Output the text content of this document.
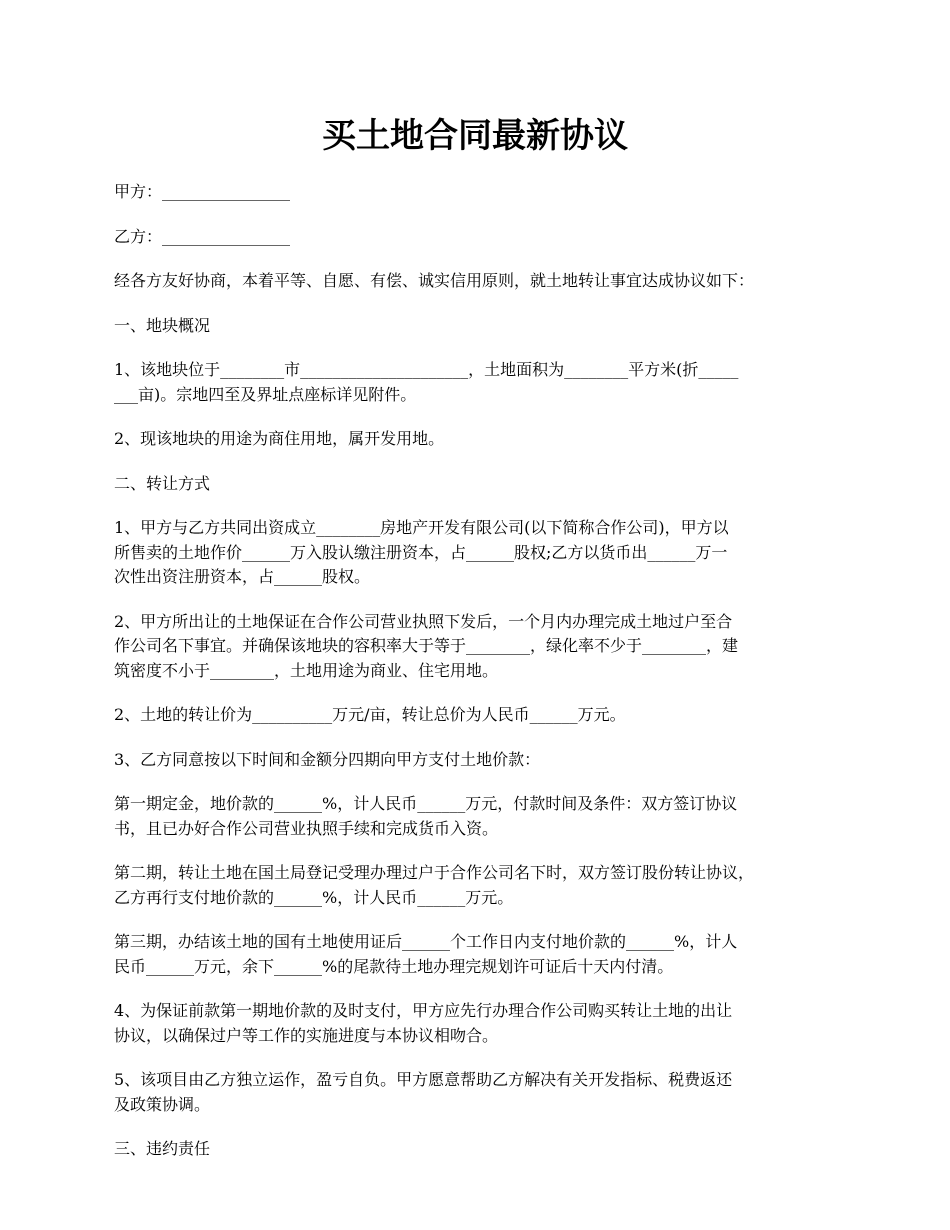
买土地合同最新协议

甲方：________________

乙方：________________

经各方友好协商，本着平等、自愿、有偿、诚实信用原则，就土地转让事宜达成协议如下：

一、地块概况

1、该地块位于________市_____________________，土地面积为________平方米(折_____
___亩)。宗地四至及界址点座标详见附件。

2、现该地块的用途为商住用地，属开发用地。

二、转让方式

1、甲方与乙方共同出资成立________房地产开发有限公司(以下简称合作公司)，甲方以
所售卖的土地作价______万入股认缴注册资本，占______股权;乙方以货币出______万一
次性出资注册资本，占______股权。

2、甲方所出让的土地保证在合作公司营业执照下发后，一个月内办理完成土地过户至合
作公司名下事宜。并确保该地块的容积率大于等于________，绿化率不少于________，建
筑密度不小于________，土地用途为商业、住宅用地。

2、土地的转让价为__________万元/亩，转让总价为人民币______万元。

3、乙方同意按以下时间和金额分四期向甲方支付土地价款：

第一期定金，地价款的______%，计人民币______万元，付款时间及条件：双方签订协议
书，且已办好合作公司营业执照手续和完成货币入资。

第二期，转让土地在国土局登记受理办理过户于合作公司名下时，双方签订股份转让协议，
乙方再行支付地价款的______%，计人民币______万元。

第三期，办结该土地的国有土地使用证后______个工作日内支付地价款的______%，计人
民币______万元，余下______%的尾款待土地办理完规划许可证后十天内付清。

4、为保证前款第一期地价款的及时支付，甲方应先行办理合作公司购买转让土地的出让
协议，以确保过户等工作的实施进度与本协议相吻合。

5、该项目由乙方独立运作，盈亏自负。甲方愿意帮助乙方解决有关开发指标、税费返还
及政策协调。

三、违约责任
